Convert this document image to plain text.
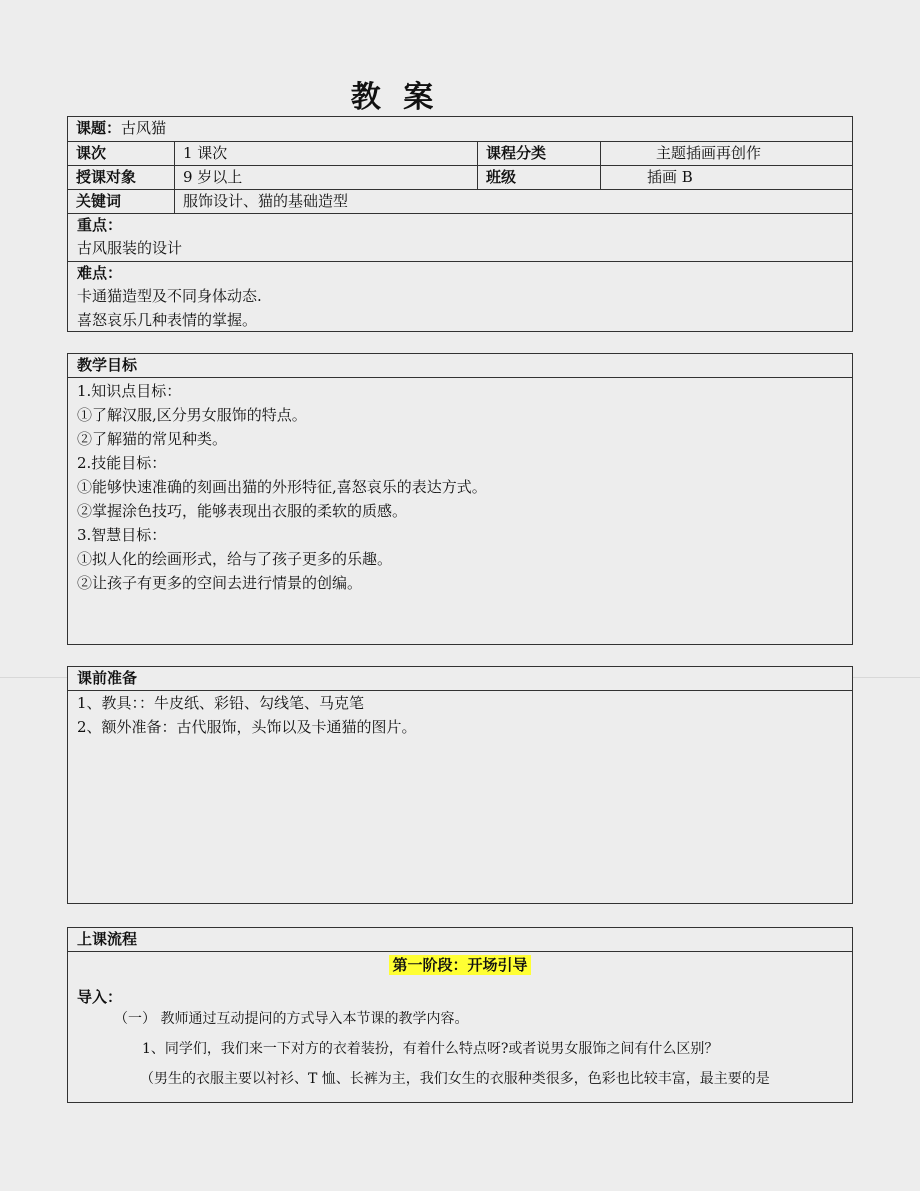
教 案
课题：古风猫
课次	1 课次	课程分类	主题插画再创作
授课对象	9 岁以上	班级	插画 B
关键词	服饰设计、猫的基础造型
重点：
古风服装的设计
难点：
卡通猫造型及不同身体动态.
喜怒哀乐几种表情的掌握。
教学目标
1.知识点目标：
①了解汉服,区分男女服饰的特点。
②了解猫的常见种类。
2.技能目标：
①能够快速准确的刻画出猫的外形特征,喜怒哀乐的表达方式。
②掌握涂色技巧，能够表现出衣服的柔软的质感。
3.智慧目标：
①拟人化的绘画形式，给与了孩子更多的乐趣。
②让孩子有更多的空间去进行情景的创编。
课前准备
1、教具：：牛皮纸、彩铅、勾线笔、马克笔
2、额外准备：古代服饰，头饰以及卡通猫的图片。
上课流程
第一阶段：开场引导
导入：
（一） 教师通过互动提问的方式导入本节课的教学内容。
1、同学们，我们来一下对方的衣着装扮，有着什么特点呀?或者说男女服饰之间有什么区别？
（男生的衣服主要以衬衫、T 恤、长裤为主，我们女生的衣服种类很多，色彩也比较丰富，最主要的是
